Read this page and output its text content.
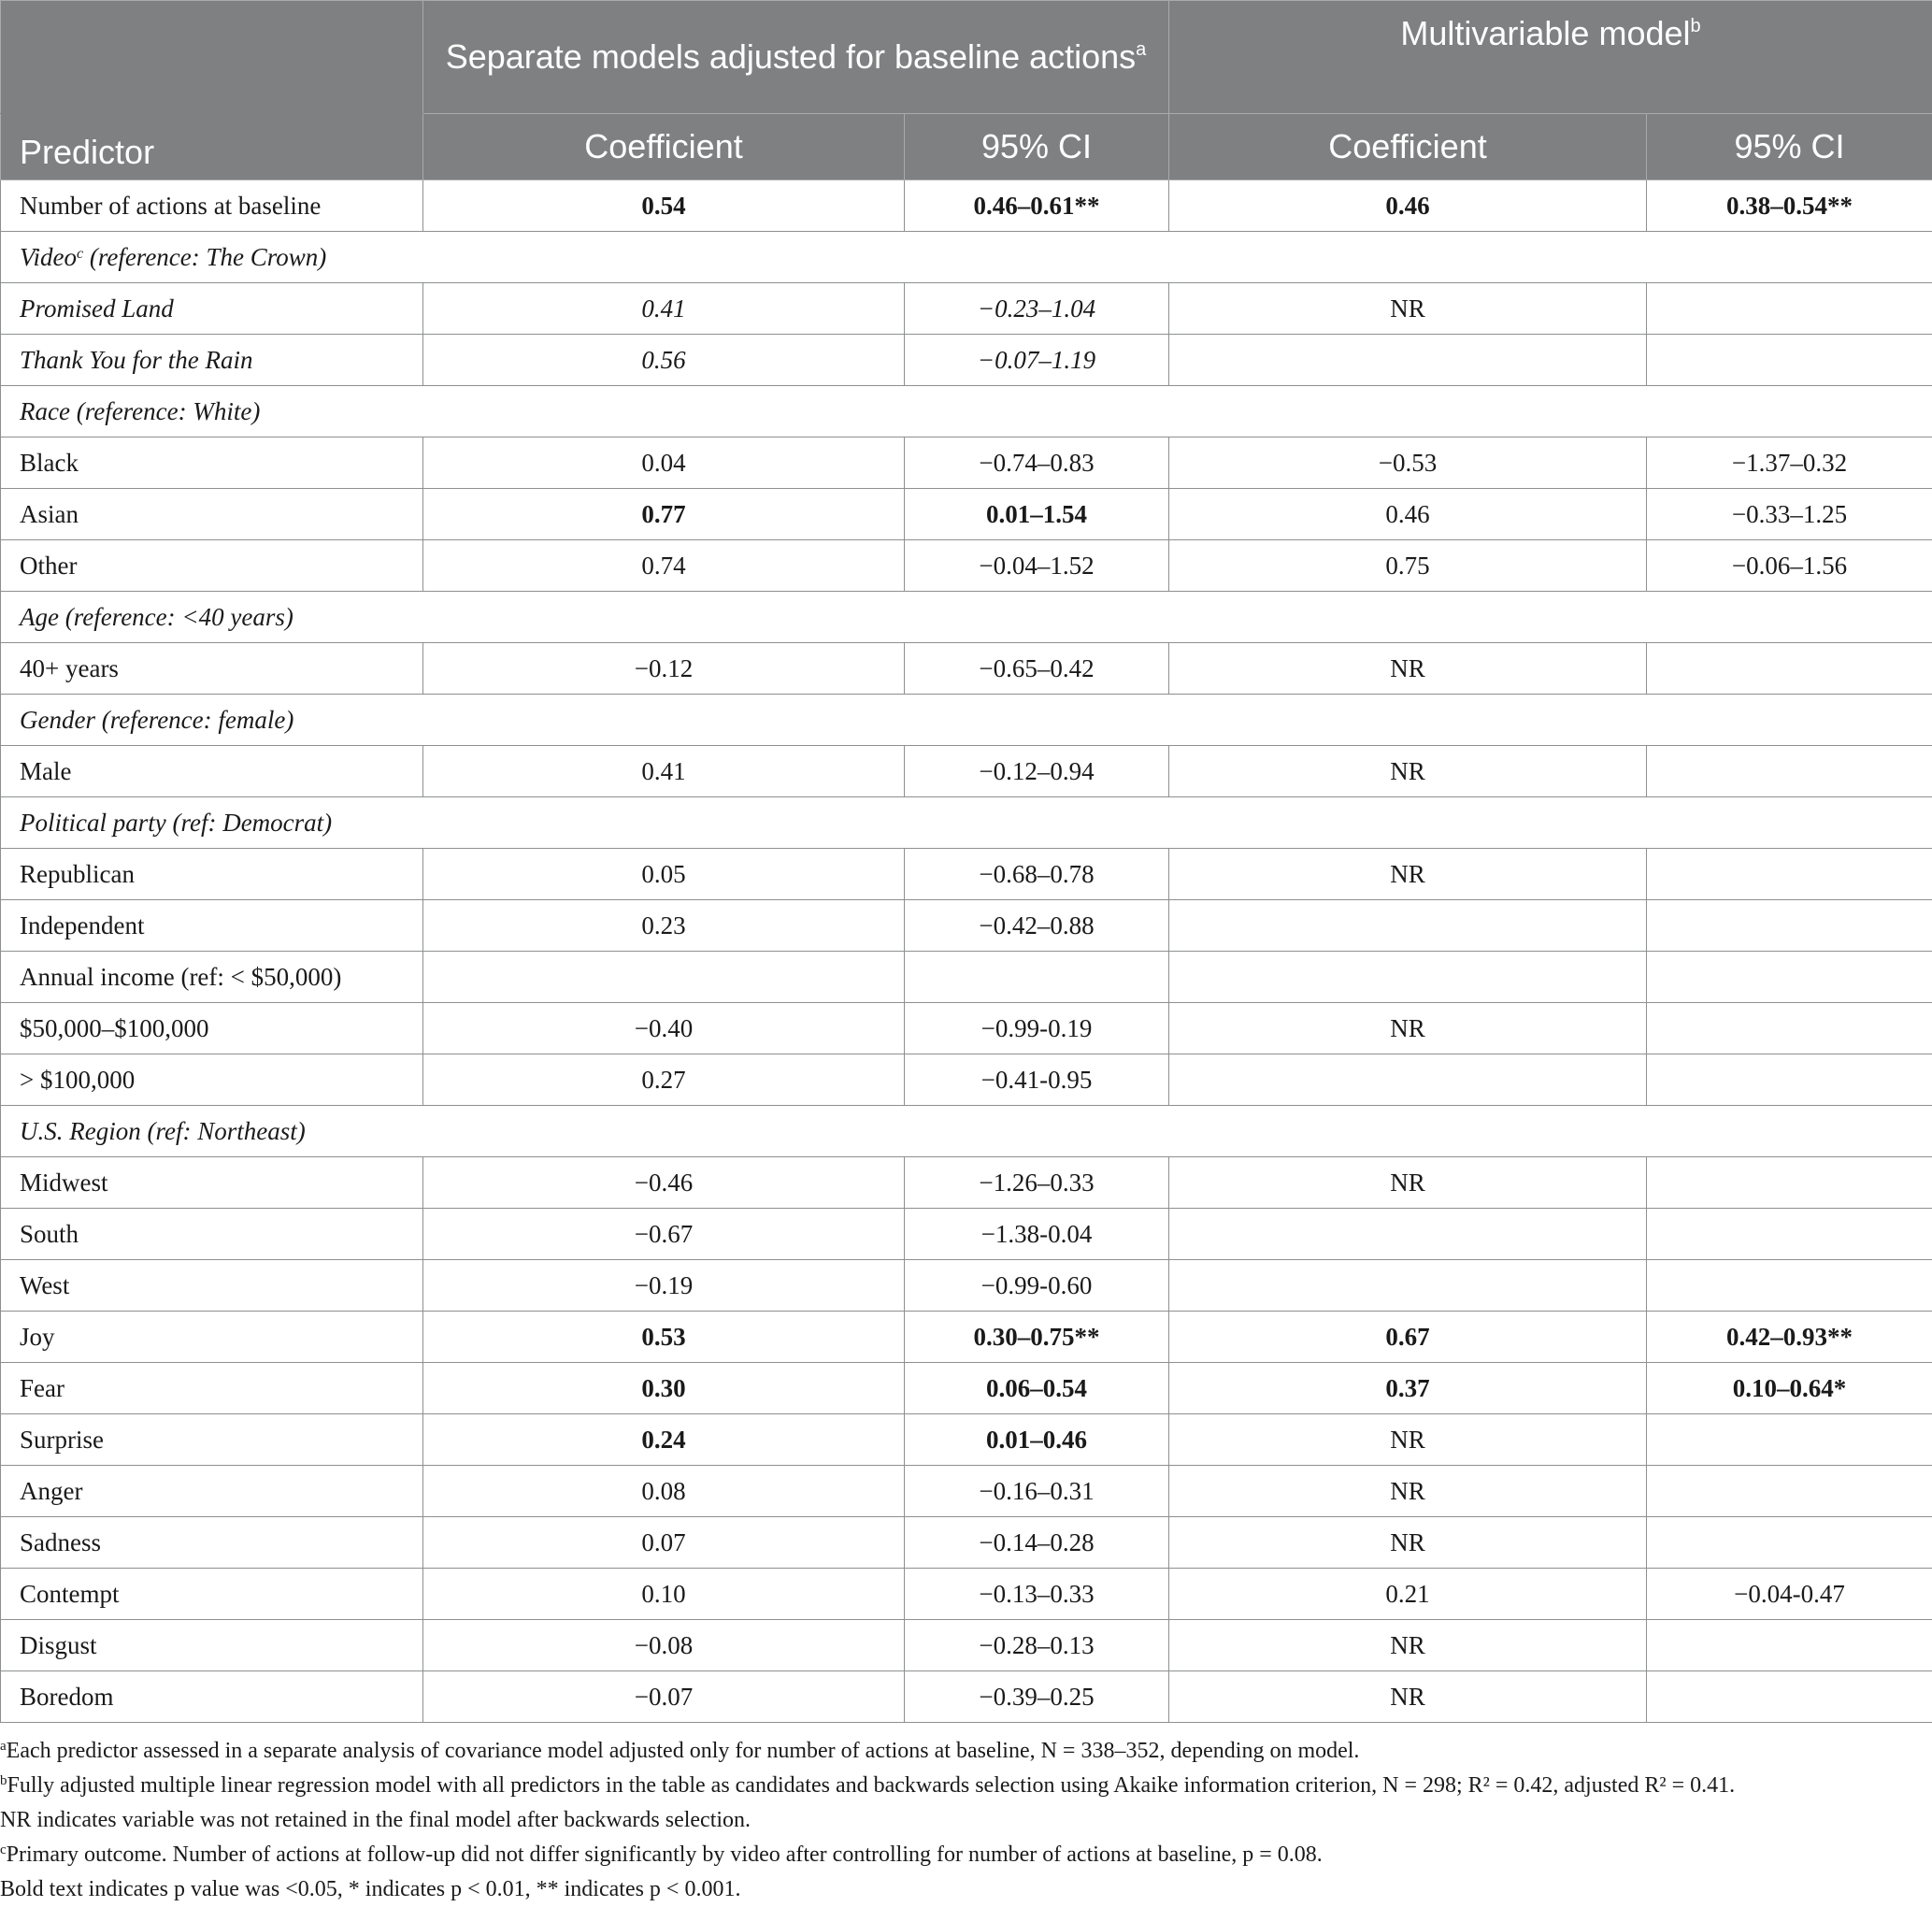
	Separate models adjusted for baseline actions$^a$		Multivariable model$^b$
Predictor	Coefficient	95% CI	Coefficient	95% CI
Number of actions at baseline	0.54	0.46–0.61**	0.46	0.38–0.54**
Video$^c$ (reference: The Crown)				
Promised Land	0.41	−0.23–1.04	NR	
Thank You for the Rain	0.56	−0.07–1.19		
Race (reference: White)				
Black	0.04	−0.74–0.83	−0.53	−1.37–0.32
Asian	0.77	0.01–1.54	0.46	−0.33–1.25
Other	0.74	−0.04–1.52	0.75	−0.06–1.56
Age (reference: <40 years)				
40+ years	−0.12	−0.65–0.42	NR	
Gender (reference: female)				
Male	0.41	−0.12–0.94	NR	
Political party (ref: Democrat)				
Republican	0.05	−0.68–0.78	NR	
Independent	0.23	−0.42–0.88		
Annual income (ref: < $50,000)				
$50,000–$100,000	−0.40	−0.99-0.19	NR	
> $100,000	0.27	−0.41-0.95		
U.S. Region (ref: Northeast)				
Midwest	−0.46	−1.26–0.33	NR	
South	−0.67	−1.38-0.04		
West	−0.19	−0.99-0.60		
Joy	0.53	0.30–0.75**	0.67	0.42–0.93**
Fear	0.30	0.06–0.54	0.37	0.10–0.64*
Surprise	0.24	0.01–0.46	NR	
Anger	0.08	−0.16–0.31	NR	
Sadness	0.07	−0.14–0.28	NR	
Contempt	0.10	−0.13–0.33	0.21	−0.04-0.47
Disgust	−0.08	−0.28–0.13	NR	
Boredom	−0.07	−0.39–0.25	NR	

$^a$Each predictor assessed in a separate analysis of covariance model adjusted only for number of actions at baseline, N = 338–352, depending on model.

$^b$Fully adjusted multiple linear regression model with all predictors in the table as candidates and backwards selection using Akaike information criterion, N = 298; R² = 0.42, adjusted R² = 0.41.

NR indicates variable was not retained in the final model after backwards selection.

$^c$Primary outcome. Number of actions at follow-up did not differ significantly by video after controlling for number of actions at baseline, p = 0.08.

Bold text indicates p value was <0.05, * indicates p < 0.01, ** indicates p < 0.001.
